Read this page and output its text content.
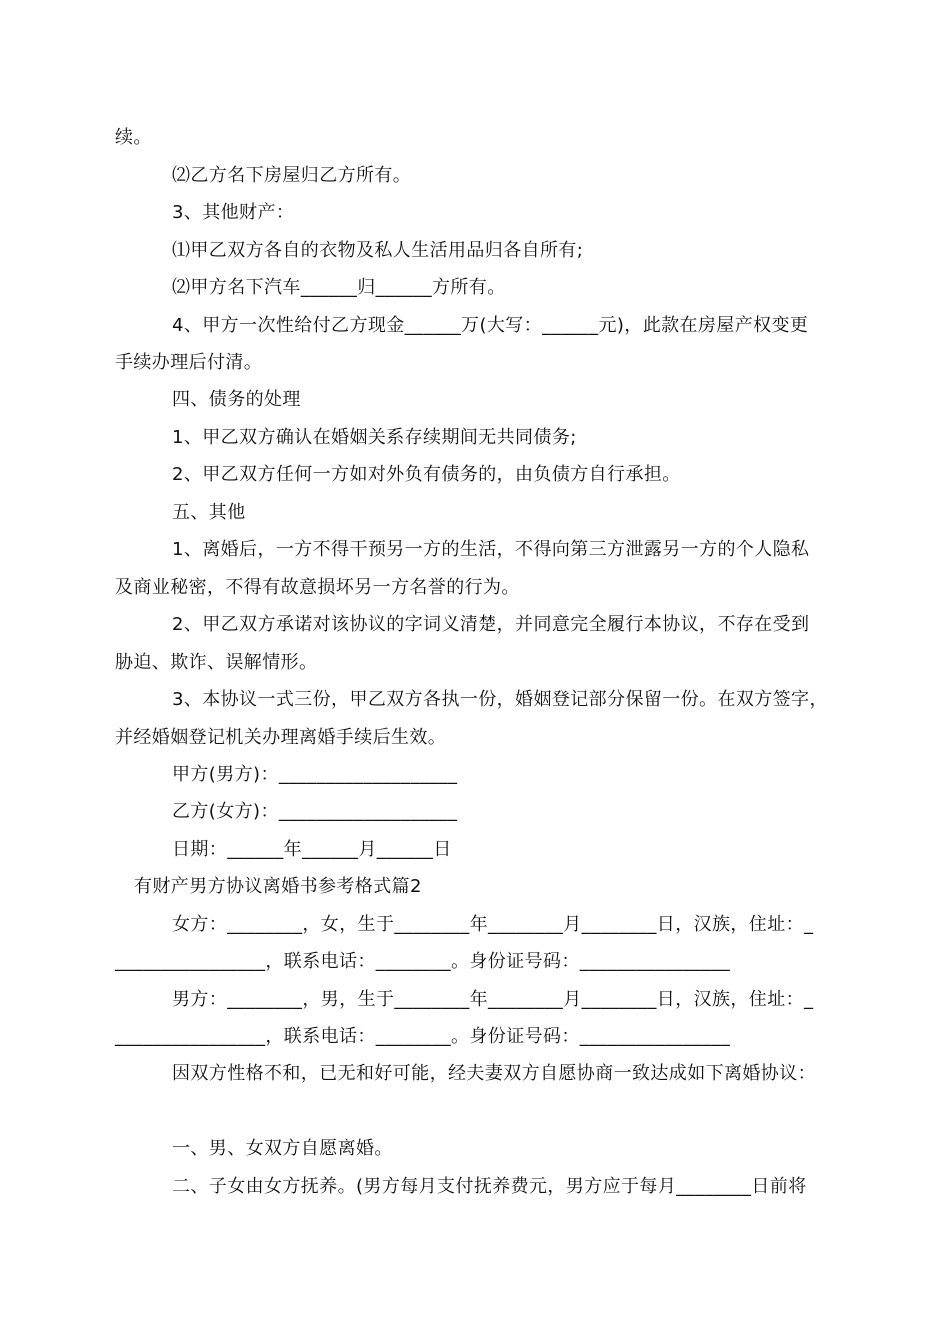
续。
⑵乙方名下房屋归乙方所有。
3、其他财产：
⑴甲乙双方各自的衣物及私人生活用品归各自所有;
⑵甲方名下汽车______归______方所有。
4、甲方一次性给付乙方现金______万(大写：______元)，此款在房屋产权变更
手续办理后付清。
四、债务的处理
1、甲乙双方确认在婚姻关系存续期间无共同债务;
2、甲乙双方任何一方如对外负有债务的，由负债方自行承担。
五、其他
1、离婚后，一方不得干预另一方的生活，不得向第三方泄露另一方的个人隐私
及商业秘密，不得有故意损坏另一方名誉的行为。
2、甲乙双方承诺对该协议的字词义清楚，并同意完全履行本协议，不存在受到
胁迫、欺诈、误解情形。
3、本协议一式三份，甲乙双方各执一份，婚姻登记部分保留一份。在双方签字，
并经婚姻登记机关办理离婚手续后生效。
甲方(男方)：___________________
乙方(女方)：___________________
日期：______年______月______日
有财产男方协议离婚书参考格式篇2
女方：________，女，生于________年________月________日，汉族，住址：_
________________，联系电话：________。身份证号码：________________
男方：________，男，生于________年________月________日，汉族，住址：_
________________，联系电话：________。身份证号码：________________
因双方性格不和，已无和好可能，经夫妻双方自愿协商一致达成如下离婚协议：
一、男、女双方自愿离婚。
二、子女由女方抚养。(男方每月支付抚养费元，男方应于每月________日前将
